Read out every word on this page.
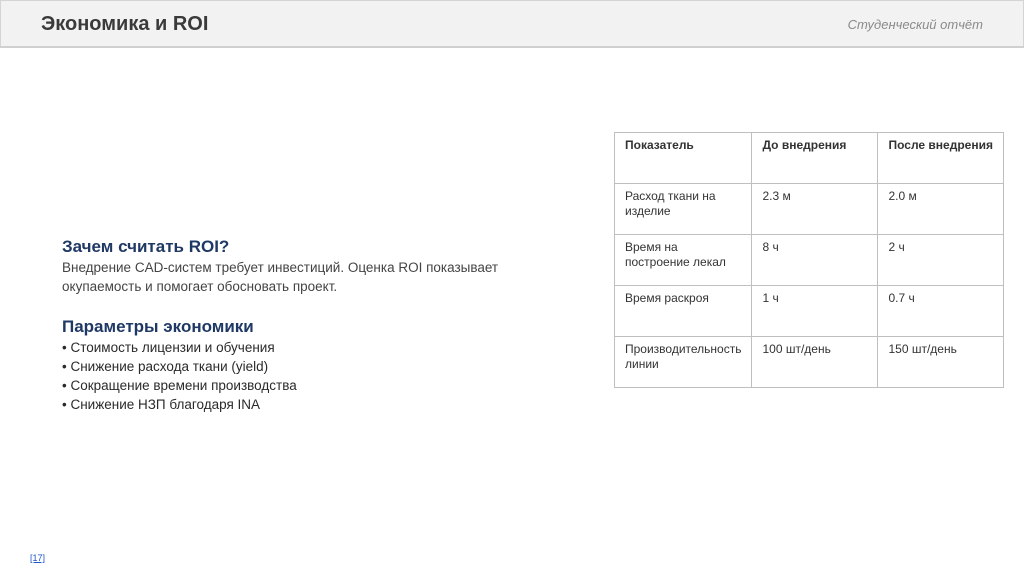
Экономика и ROI	Студенческий отчёт
Зачем считать ROI?

Внедрение CAD-систем требует инвестиций. Оценка ROI показывает

окупаемость и помогает обосновать проект.

Параметры экономики
• Стоимость лицензии и обучения
• Снижение расхода ткани (yield)
• Сокращение времени производства
• Снижение НЗП благодаря INA
Показатель	До внедрения	После внедрения
Расход ткани на изделие	2.3 м	2.0 м
Время на построение лекал	8 ч	2 ч
Время раскроя	1 ч	0.7 ч
Производительность линии	100 шт/день	150 шт/день
[17]
